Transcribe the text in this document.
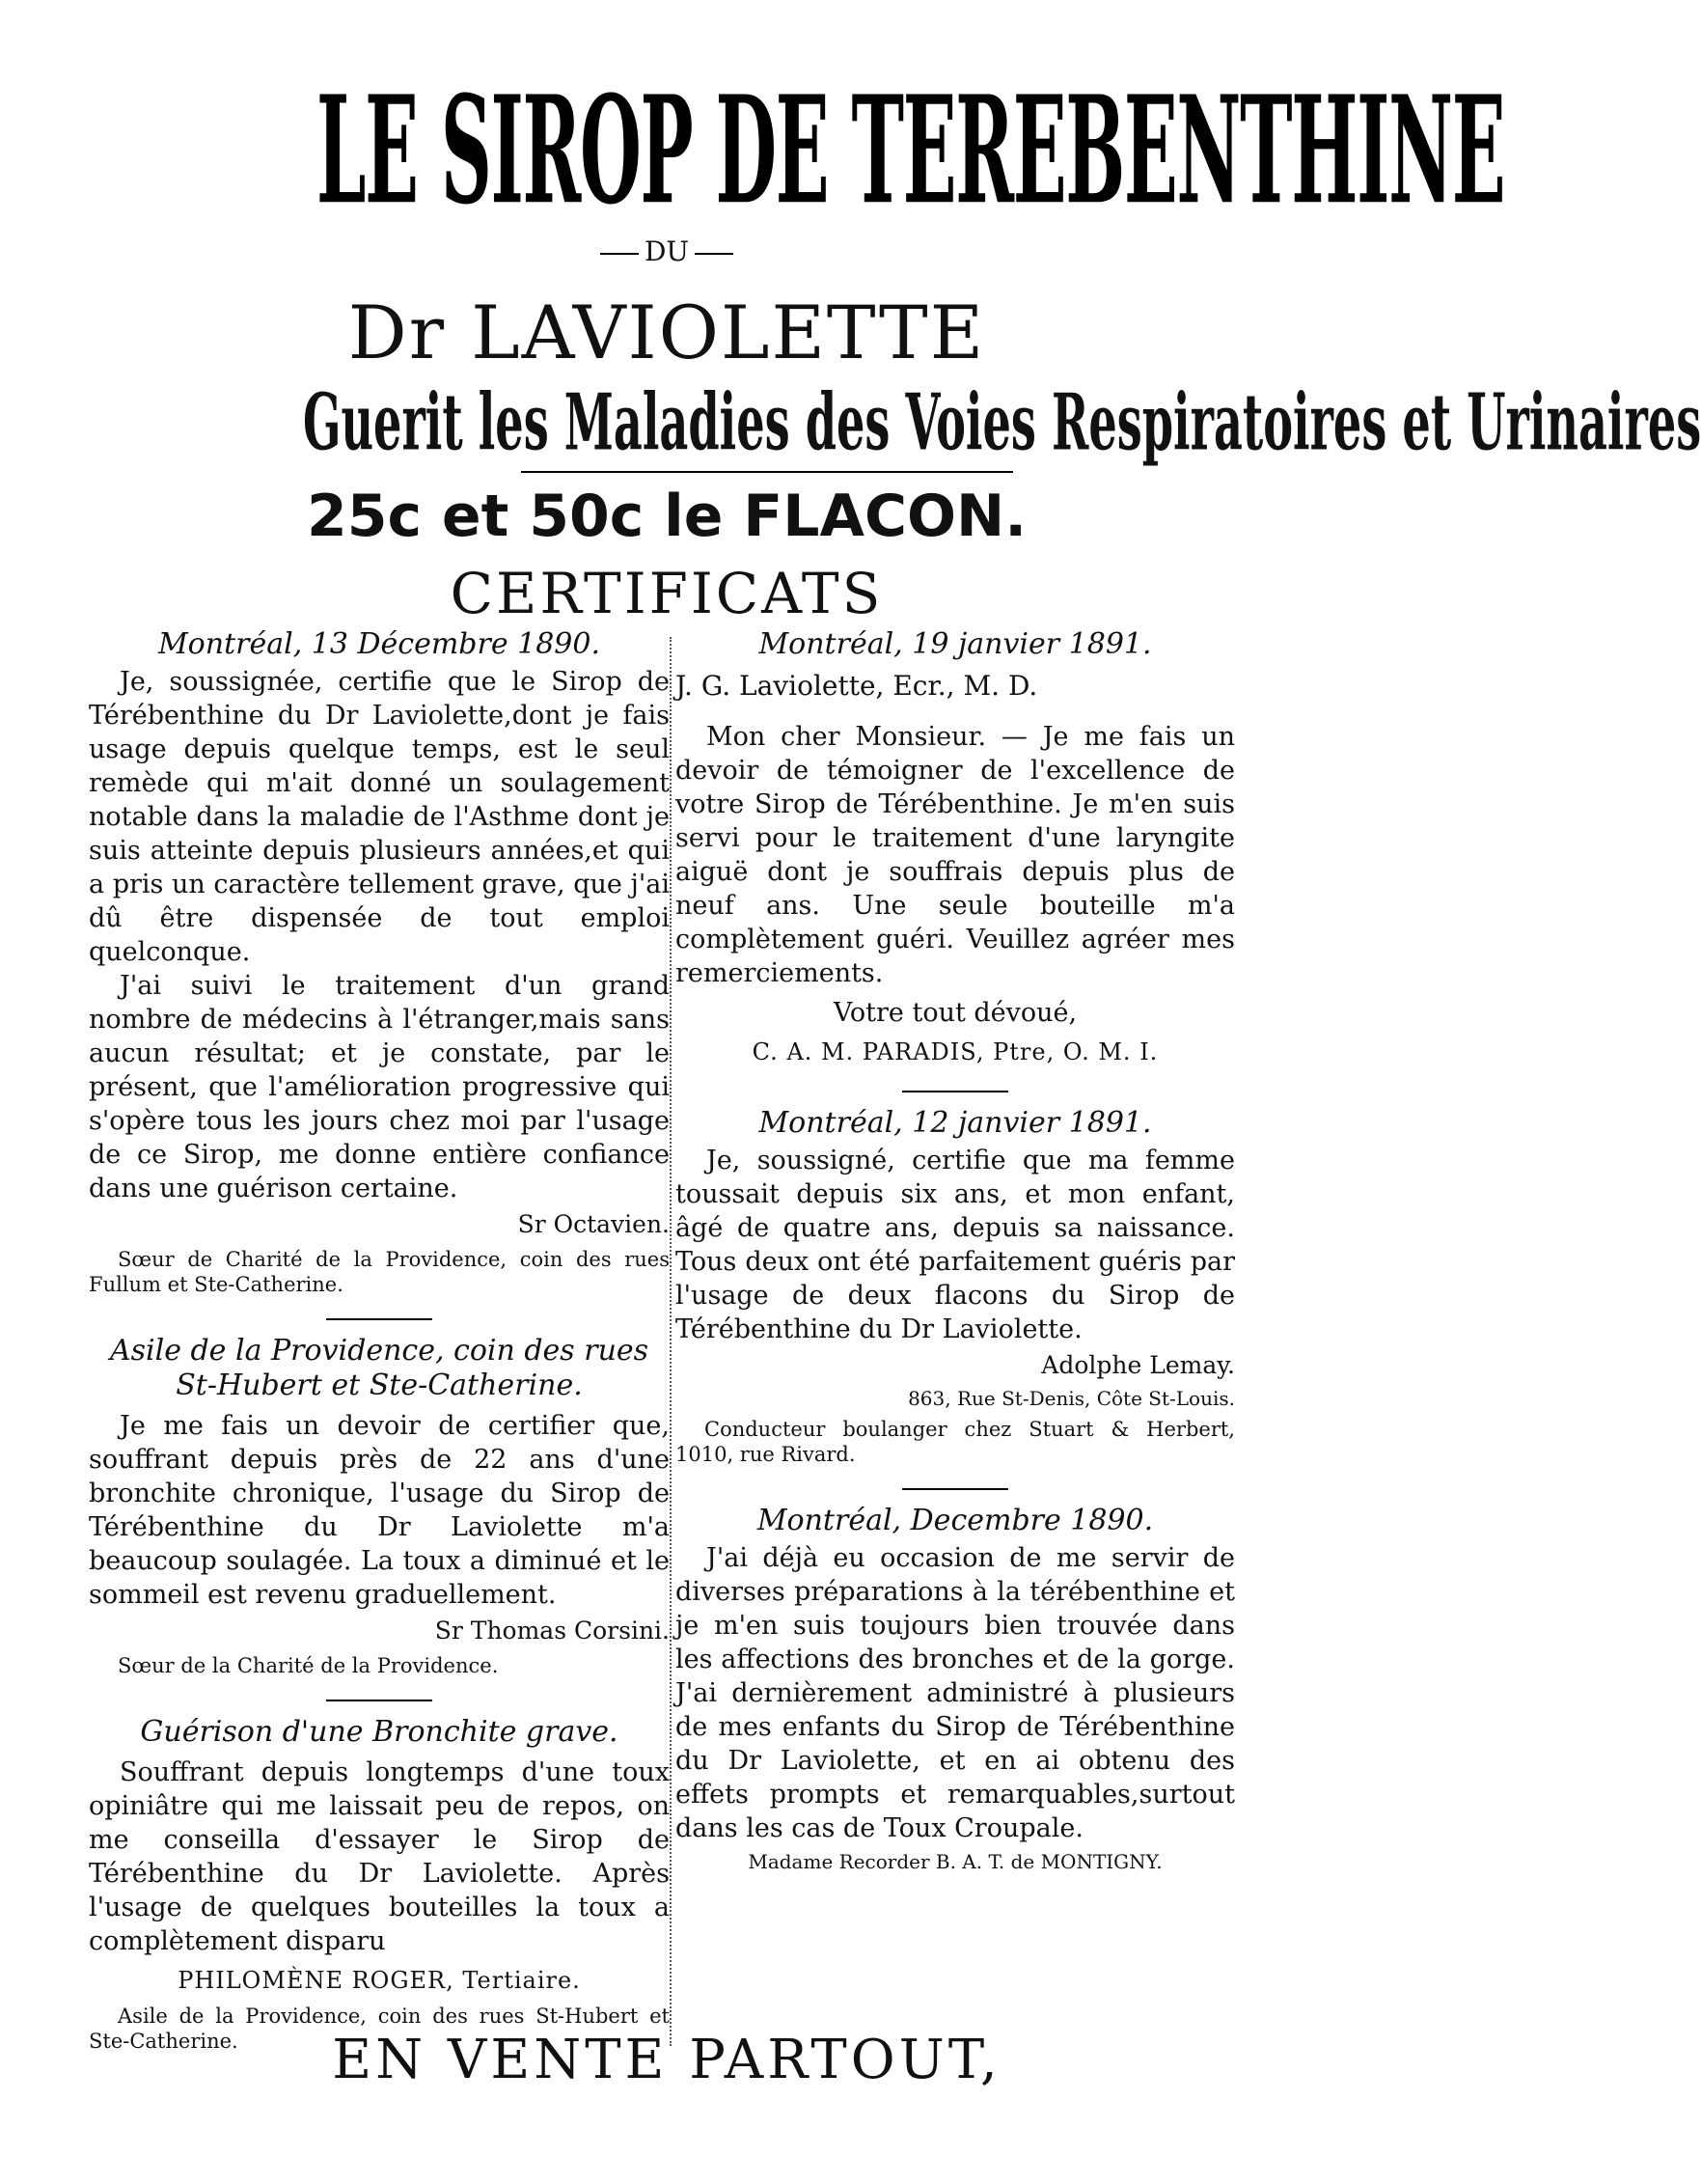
LE SIROP DE TEREBENTHINE
DU
Dr LAVIOLETTE
Guerit les Maladies des Voies Respiratoires et Urinaires
25c et 50c le FLACON.
CERTIFICATS

Montréal, 13 Décembre 1890.

Je, soussignée, certifie que le Sirop de Térébenthine du Dr Laviolette,dont je fais usage depuis quelque temps, est le seul remède qui m'ait donné un soulagement notable dans la maladie de l'Asthme dont je suis atteinte depuis plusieurs années,et qui a pris un caractère tellement grave, que j'ai dû être dispensée de tout emploi quelconque.

J'ai suivi le traitement d'un grand nombre de médecins à l'étranger,mais sans aucun résultat; et je constate, par le présent, que l'amélioration progressive qui s'opère tous les jours chez moi par l'usage de ce Sirop, me donne entière confiance dans une guérison certaine.

Sr Octavien.

Sœur de Charité de la Providence, coin des rues Fullum et Ste-Catherine.

Asile de la Providence, coin des rues St-Hubert et Ste-Catherine.

Je me fais un devoir de certifier que, souffrant depuis près de 22 ans d'une bronchite chronique, l'usage du Sirop de Térébenthine du Dr Laviolette m'a beaucoup soulagée. La toux a diminué et le sommeil est revenu graduellement.

Sr Thomas Corsini.

Sœur de la Charité de la Providence.

Guérison d'une Bronchite grave.

Souffrant depuis longtemps d'une toux opiniâtre qui me laissait peu de repos, on me conseilla d'essayer le Sirop de Térébenthine du Dr Laviolette. Après l'usage de quelques bouteilles la toux a complètement disparu

PHILOMÈNE ROGER, Tertiaire.

Asile de la Providence, coin des rues St-Hubert et Ste-Catherine.

Montréal, 19 janvier 1891.

J. G. Laviolette, Ecr., M. D.

Mon cher Monsieur. — Je me fais un devoir de témoigner de l'excellence de votre Sirop de Térébenthine. Je m'en suis servi pour le traitement d'une laryngite aiguë dont je souffrais depuis plus de neuf ans. Une seule bouteille m'a complètement guéri. Veuillez agréer mes remerciements.

Votre tout dévoué,

C. A. M. PARADIS, Ptre, O. M. I.

Montréal, 12 janvier 1891.

Je, soussigné, certifie que ma femme toussait depuis six ans, et mon enfant, âgé de quatre ans, depuis sa naissance. Tous deux ont été parfaitement guéris par l'usage de deux flacons du Sirop de Térébenthine du Dr Laviolette.

Adolphe Lemay.

863, Rue St-Denis, Côte St-Louis.

Conducteur boulanger chez Stuart & Herbert, 1010, rue Rivard.

Montréal, Decembre 1890.

J'ai déjà eu occasion de me servir de diverses préparations à la térébenthine et je m'en suis toujours bien trouvée dans les affections des bronches et de la gorge. J'ai dernièrement administré à plusieurs de mes enfants du Sirop de Térébenthine du Dr Laviolette, et en ai obtenu des effets prompts et remarquables,surtout dans les cas de Toux Croupale.

Madame Recorder B. A. T. de MONTIGNY.

EN VENTE PARTOUT,
